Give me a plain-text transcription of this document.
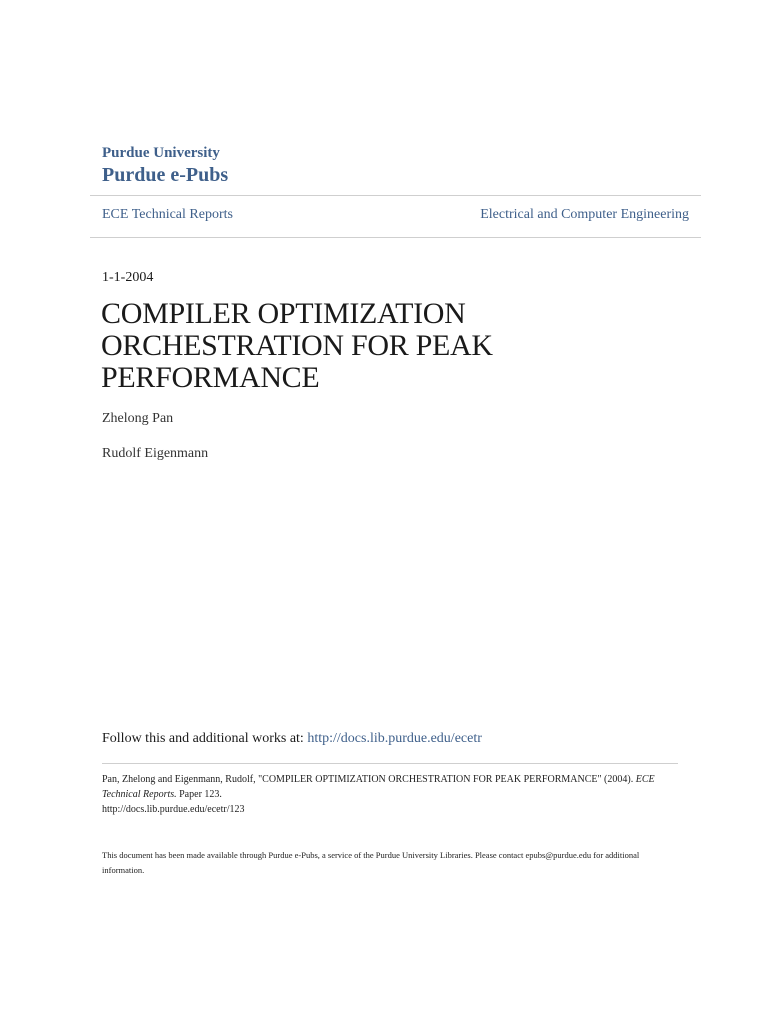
Purdue University
Purdue e-Pubs
ECE Technical Reports	Electrical and Computer Engineering
1-1-2004
COMPILER OPTIMIZATION ORCHESTRATION FOR PEAK PERFORMANCE
Zhelong Pan
Rudolf Eigenmann
Follow this and additional works at: http://docs.lib.purdue.edu/ecetr
Pan, Zhelong and Eigenmann, Rudolf, "COMPILER OPTIMIZATION ORCHESTRATION FOR PEAK PERFORMANCE" (2004). ECE Technical Reports. Paper 123.
http://docs.lib.purdue.edu/ecetr/123
This document has been made available through Purdue e-Pubs, a service of the Purdue University Libraries. Please contact epubs@purdue.edu for additional information.
